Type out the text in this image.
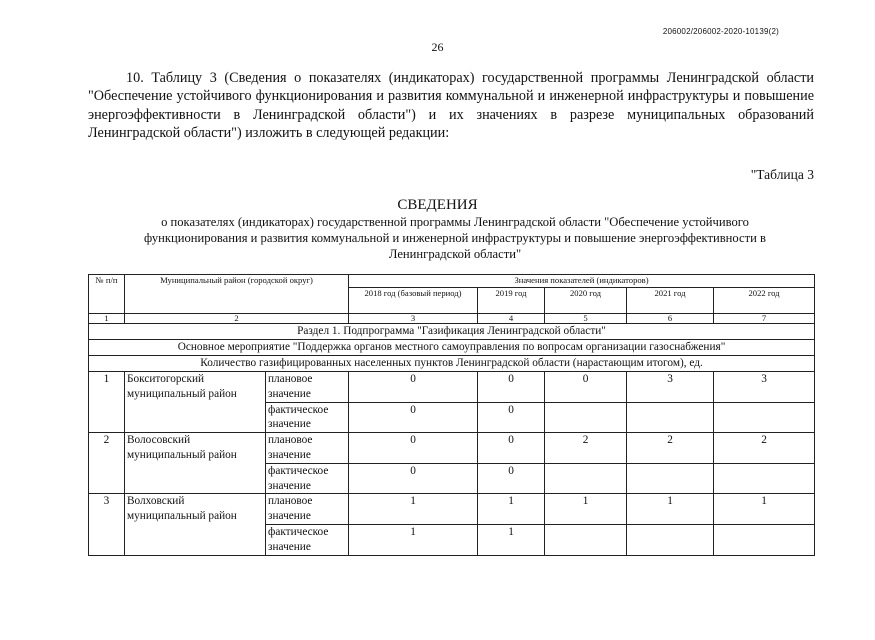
206002/206002-2020-10139(2)
26

10. Таблицу 3 (Сведения о показателях (индикаторах) государственной программы Ленинградской области "Обеспечение устойчивого функционирования и развития коммунальной и инженерной инфраструктуры и повышение энергоэффективности в Ленинградской области") и их значениях в разрезе муниципальных образований Ленинградской области") изложить в следующей редакции:

"Таблица 3
СВЕДЕНИЯ
о показателях (индикаторах) государственной программы Ленинградской области "Обеспечение устойчивого функционирования и развития коммунальной и инженерной инфраструктуры и повышение энергоэффективности в Ленинградской области"
№ п/п	Муниципальный район (городской округ)		Значения показателей (индикаторов)				
			2018 год (базовый период)	2019 год	2020 год	2021 год	2022 год
1	2		3	4	5	6	7
Раздел 1. Подпрограмма "Газификация Ленинградской области"							
Основное мероприятие "Поддержка органов местного самоуправления по вопросам организации газоснабжения"							
Количество газифицированных населенных пунктов Ленинградской области (нарастающим итогом), ед.							
1	Бокситогорский муниципальный район	плановое значение	0	0	0	3	3
		фактическое значение	0	0			
2	Волосовский муниципальный район	плановое значение	0	0	2	2	2
		фактическое значение	0	0			
3	Волховский муниципальный район	плановое значение	1	1	1	1	1
		фактическое значение	1	1			
